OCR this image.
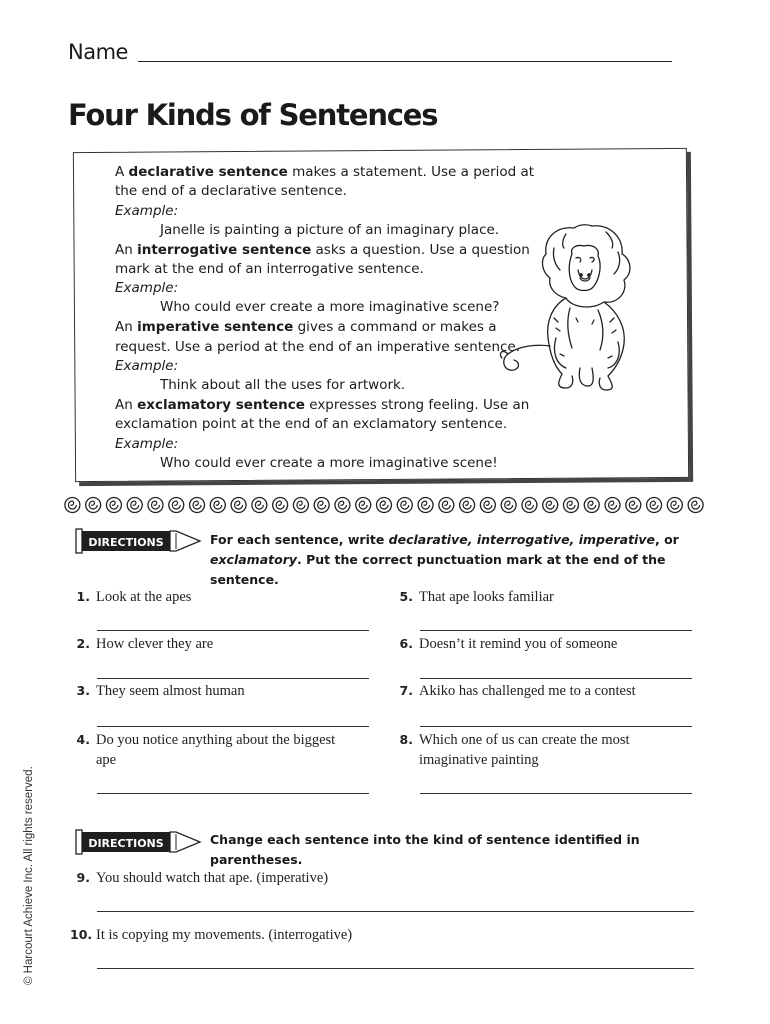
Name
Four Kinds of Sentences
A declarative sentence makes a statement. Use a period at
the end of a declarative sentence.
Example:
Janelle is painting a picture of an imaginary place.
An interrogative sentence asks a question. Use a question
mark at the end of an interrogative sentence.
Example:
Who could ever create a more imaginative scene?
An imperative sentence gives a command or makes a
request. Use a period at the end of an imperative sentence.
Example:
Think about all the uses for artwork.
An exclamatory sentence expresses strong feeling. Use an
exclamation point at the end of an exclamatory sentence.
Example:
Who could ever create a more imaginative scene!
DIRECTIONS	For each sentence, write declarative, interrogative, imperative, or
exclamatory. Put the correct punctuation mark at the end of the sentence.
1. Look at the apes
2. How clever they are
3. They seem almost human
4. Do you notice anything about the biggest
ape
5. That ape looks familiar
6. Doesn’t it remind you of someone
7. Akiko has challenged me to a contest
8. Which one of us can create the most
imaginative painting
DIRECTIONS	Change each sentence into the kind of sentence identified in parentheses.
9. You should watch that ape. (imperative)
10. It is copying my movements. (interrogative)
© Harcourt Achieve Inc. All rights reserved.
